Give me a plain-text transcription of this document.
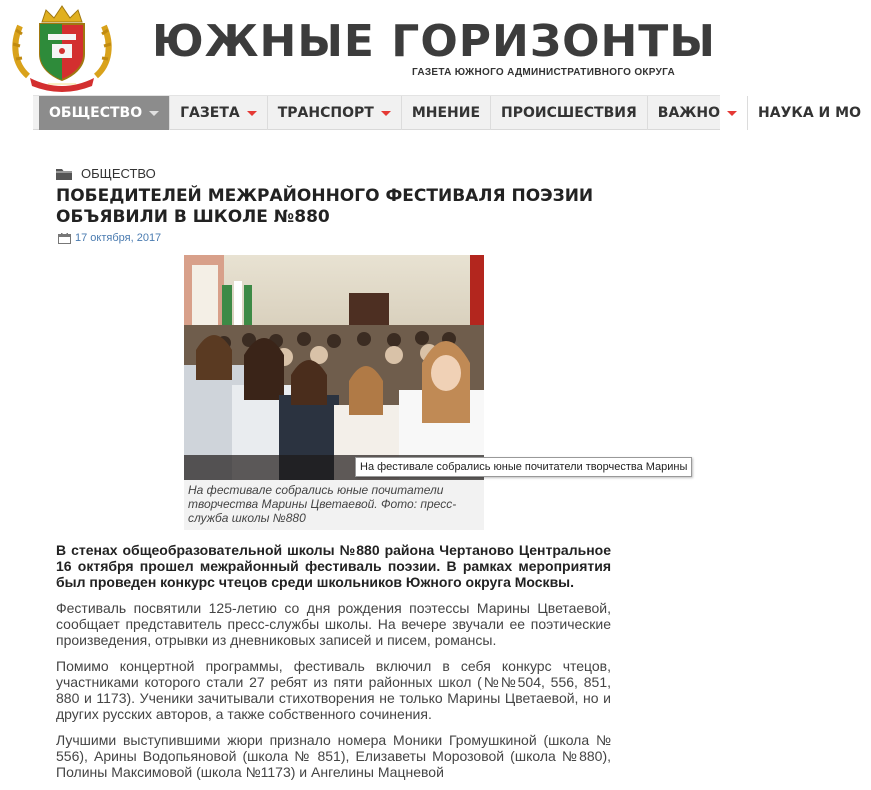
ЮЖНЫЕ ГОРИЗОНТЫ
ГАЗЕТА ЮЖНОГО АДМИНИСТРАТИВНОГО ОКРУГА
ОБЩЕСТВО	ГАЗЕТА	ТРАНСПОРТ	МНЕНИЕ ПРОИСШЕСТВИЯ ВАЖНО	НАУКА И МО
ОБЩЕСТВО
ПОБЕДИТЕЛЕЙ МЕЖРАЙОННОГО ФЕСТИВАЛЯ ПОЭЗИИ ОБЪЯВИЛИ В ШКОЛЕ №880
17 октября, 2017

На фестивале собрались юные почитатели творчества Марины Цветаевой. Фото: пресс-служба школы №880

На фестивале собрались юные почитатели творчества Марины

В стенах общеобразовательной школы №880 района Чертаново Центральное 16 октября прошел межрайонный фестиваль поэзии. В рамках мероприятия был проведен конкурс чтецов среди школьников Южного округа Москвы.

Фестиваль посвятили 125-летию со дня рождения поэтессы Марины Цветаевой, сообщает представитель пресс-службы школы. На вечере звучали ее поэтические произведения, отрывки из дневниковых записей и писем, романсы.

Помимо концертной программы, фестиваль включил в себя конкурс чтецов, участниками которого стали 27 ребят из пяти районных школ (№№504, 556, 851, 880 и 1173). Ученики зачитывали стихотворения не только Марины Цветаевой, но и других русских авторов, а также собственного сочинения.

Лучшими выступившими жюри признало номера Моники Громушкиной (школа № 556), Арины Водопьяновой (школа № 851), Елизаветы Морозовой (школа №880), Полины Максимовой (школа №1173) и Ангелины Мацневой
